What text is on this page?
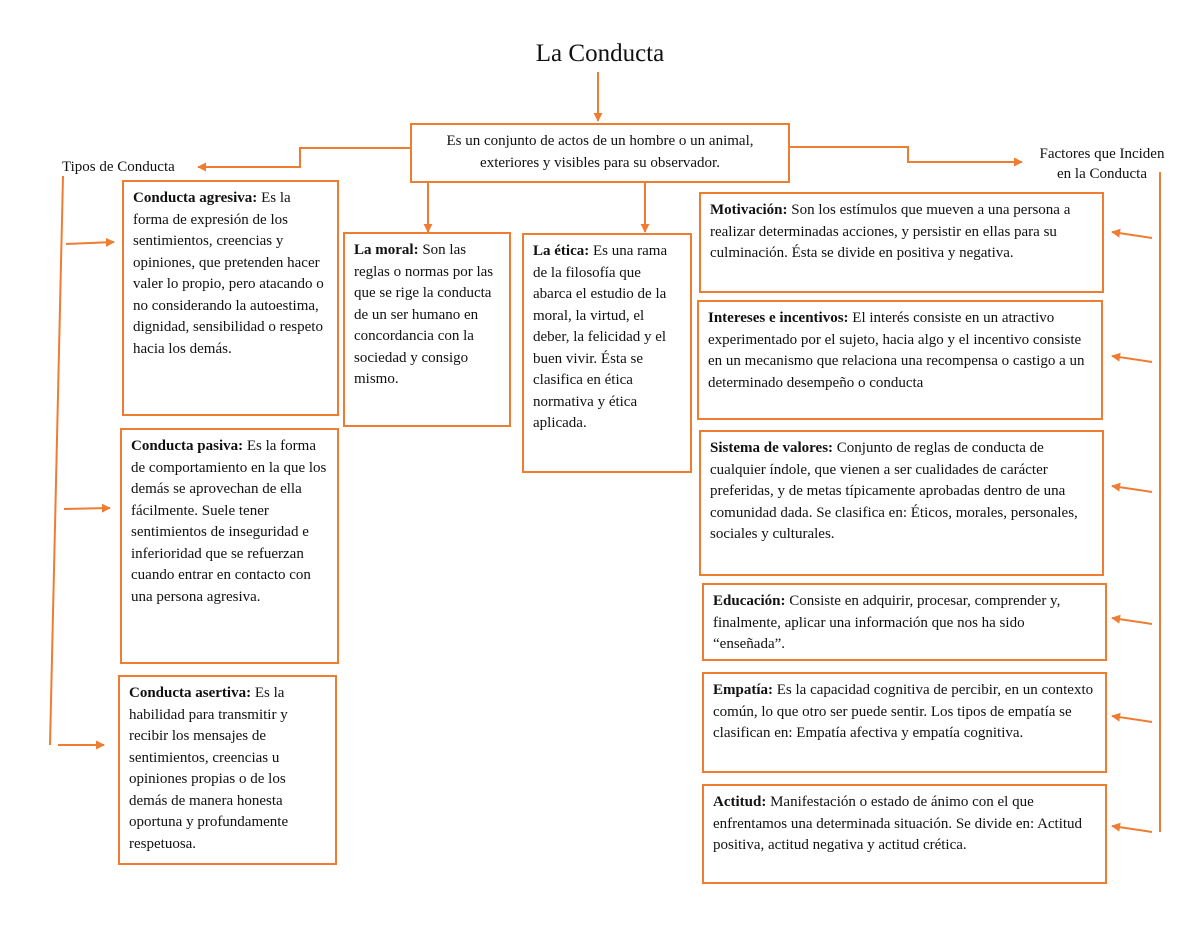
La Conducta
Es un conjunto de actos de un hombre o un animal, exteriores y visibles para su observador.
Tipos de Conducta
Factores que Inciden
en la Conducta
Conducta agresiva: Es la forma de expresión de los sentimientos, creencias y opiniones, que pretenden hacer valer lo propio, pero atacando o no considerando la autoestima, dignidad, sensibilidad o respeto hacia los demás.
Conducta pasiva: Es la forma de comportamiento en la que los demás se aprovechan de ella fácilmente. Suele tener sentimientos de inseguridad e inferioridad que se refuerzan cuando entrar en contacto con una persona agresiva.
Conducta asertiva: Es la habilidad para transmitir y recibir los mensajes de sentimientos, creencias u opiniones propias o de los demás de manera honesta oportuna y profundamente respetuosa.
La moral: Son las reglas o normas por las que se rige la conducta de un ser humano en concordancia con la sociedad y consigo mismo.
La ética: Es una rama de la filosofía que abarca el estudio de la moral, la virtud, el deber, la felicidad y el buen vivir. Ésta se clasifica en ética normativa y ética aplicada.
Motivación: Son los estímulos que mueven a una persona a realizar determinadas acciones, y persistir en ellas para su culminación. Ésta se divide en positiva y negativa.
Intereses e incentivos: El interés consiste en un atractivo experimentado por el sujeto, hacia algo y el incentivo consiste en un mecanismo que relaciona una recompensa o castigo a un determinado desempeño o conducta
Sistema de valores: Conjunto de reglas de conducta de cualquier índole, que vienen a ser cualidades de carácter preferidas, y de metas típicamente aprobadas dentro de una comunidad dada. Se clasifica en: Éticos, morales, personales, sociales y culturales.
Educación: Consiste en adquirir, procesar, comprender y, finalmente, aplicar una información que nos ha sido “enseñada”.
Empatía: Es la capacidad cognitiva de percibir, en un contexto común, lo que otro ser puede sentir. Los tipos de empatía se clasifican en: Empatía afectiva y empatía cognitiva.
Actitud: Manifestación o estado de ánimo con el que enfrentamos una determinada situación. Se divide en: Actitud positiva, actitud negativa y actitud crética.
